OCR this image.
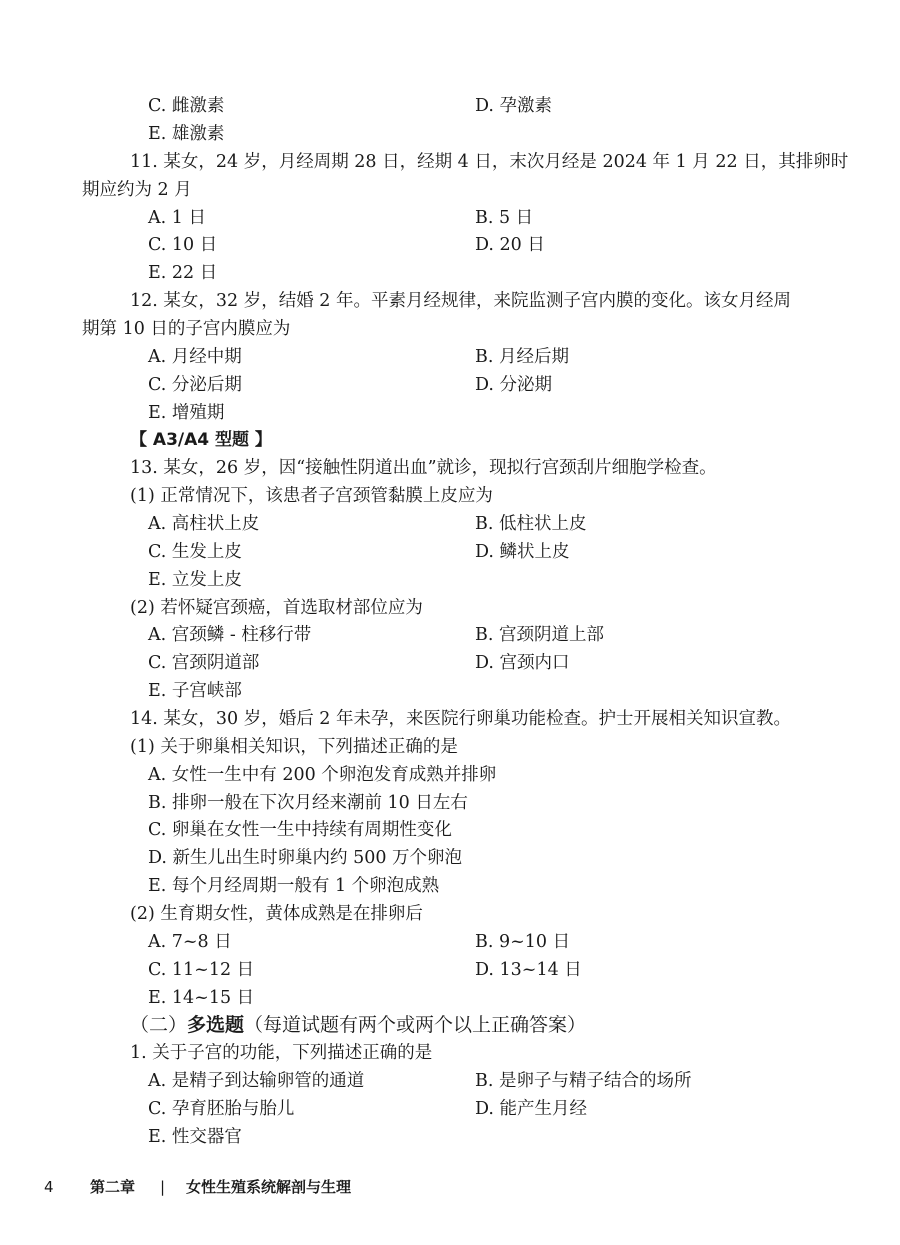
C. 雌激素	D. 孕激素
E. 雄激素
11. 某女，24 岁，月经周期 28 日，经期 4 日，末次月经是 2024 年 1 月 22 日，其排卵时
期应约为 2 月
A. 1 日	B. 5 日
C. 10 日	D. 20 日
E. 22 日
12. 某女，32 岁，结婚 2 年。平素月经规律，来院监测子宫内膜的变化。该女月经周
期第 10 日的子宫内膜应为
A. 月经中期	B. 月经后期
C. 分泌后期	D. 分泌期
E. 增殖期
【 A3/A4 型题 】
13. 某女，26 岁，因“接触性阴道出血”就诊，现拟行宫颈刮片细胞学检查。
(1) 正常情况下，该患者子宫颈管黏膜上皮应为
A. 高柱状上皮	B. 低柱状上皮
C. 生发上皮	D. 鳞状上皮
E. 立发上皮
(2) 若怀疑宫颈癌，首选取材部位应为
A. 宫颈鳞 - 柱移行带	B. 宫颈阴道上部
C. 宫颈阴道部	D. 宫颈内口
E. 子宫峡部
14. 某女，30 岁，婚后 2 年未孕，来医院行卵巢功能检查。护士开展相关知识宣教。
(1) 关于卵巢相关知识，下列描述正确的是
A. 女性一生中有 200 个卵泡发育成熟并排卵
B. 排卵一般在下次月经来潮前 10 日左右
C. 卵巢在女性一生中持续有周期性变化
D. 新生儿出生时卵巢内约 500 万个卵泡
E. 每个月经周期一般有 1 个卵泡成熟
(2) 生育期女性，黄体成熟是在排卵后
A. 7~8 日	B. 9~10 日
C. 11~12 日	D. 13~14 日
E. 14~15 日
（二）多选题（每道试题有两个或两个以上正确答案）
1. 关于子宫的功能，下列描述正确的是
A. 是精子到达输卵管的通道	B. 是卵子与精子结合的场所
C. 孕育胚胎与胎儿	D. 能产生月经
E. 性交器官
4 第二章 | 女性生殖系统解剖与生理
